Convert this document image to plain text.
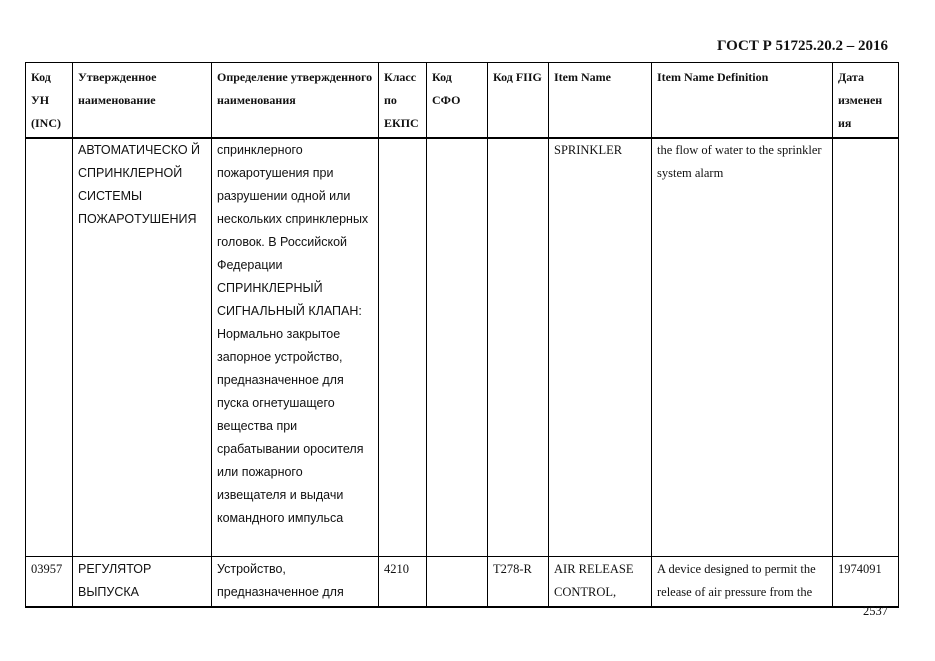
ГОСТ Р 51725.20.2 – 2016
Код УН (INC)	Утвержденное наименование	Определение утвержденного наименования	Класс по ЕКПС	Код СФО	Код FIIG	Item Name	Item Name Definition	Дата изменен ия
	АВТОМАТИЧЕСКО Й СПРИНКЛЕРНОЙ СИСТЕМЫ ПОЖАРОТУШЕНИЯ	спринклерного пожаротушения при разрушении одной или нескольких спринклерных головок. В Российской Федерации СПРИНКЛЕРНЫЙ СИГНАЛЬНЫЙ КЛАПАН: Нормально закрытое запорное устройство, предназначенное для пуска огнетушащего вещества при срабатывании оросителя или пожарного извещателя и выдачи командного импульса				SPRINKLER	the flow of water to the sprinkler system alarm	
03957	РЕГУЛЯТОР ВЫПУСКА	Устройство, предназначенное для	4210		T278-R	AIR RELEASE CONTROL,	A device designed to permit the release of air pressure from the	1974091
2537
